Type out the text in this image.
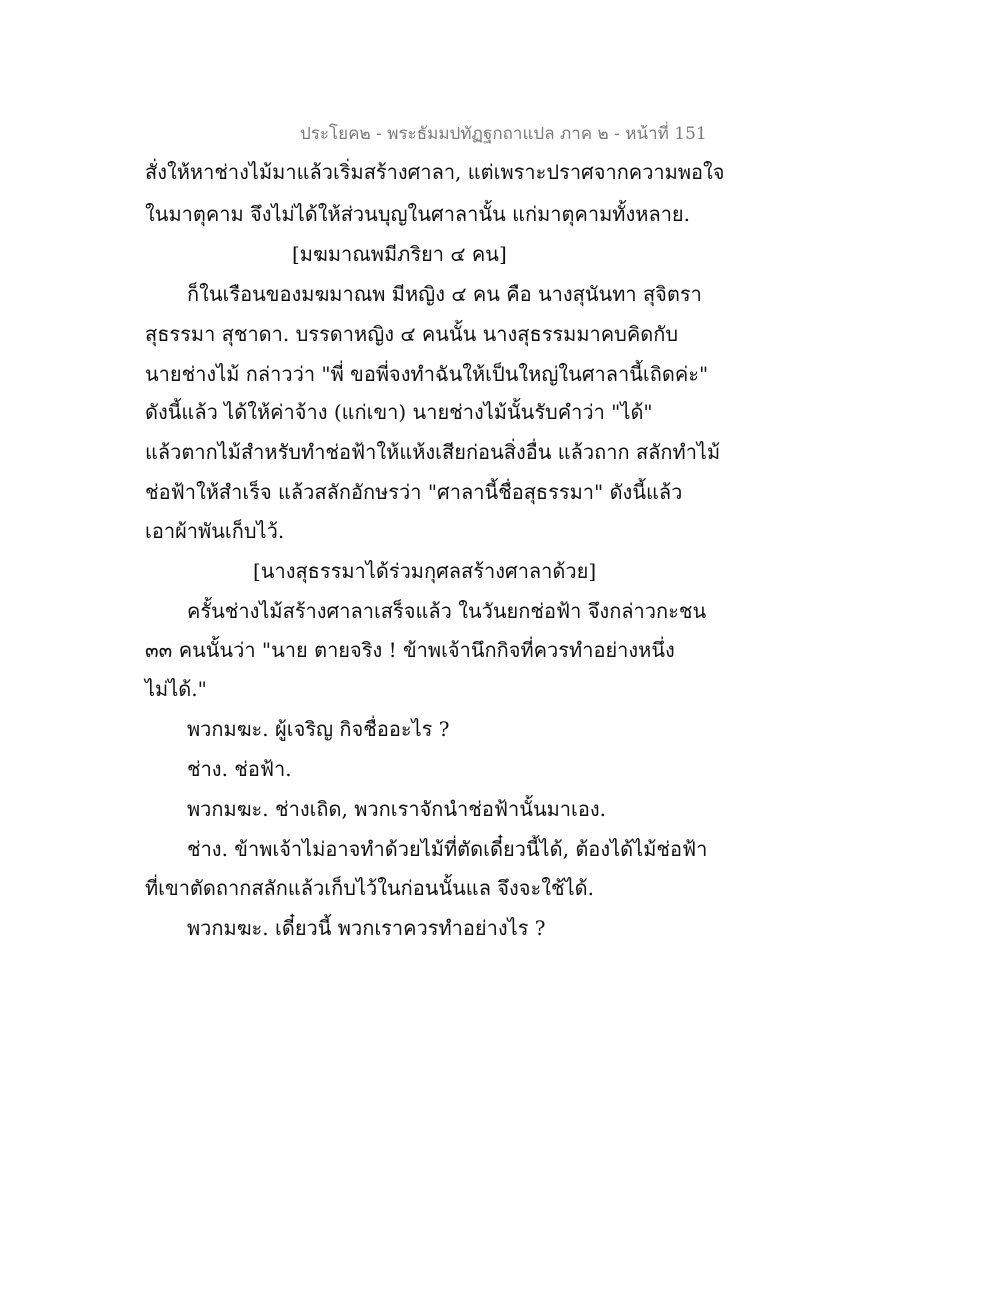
ประโยค๒ - พระธัมมปทัฏฐกถาแปล ภาค ๒ - หน้าที่ 151
สั่งให้หาช่างไม้มาแล้วเริ่มสร้างศาลา, แต่เพราะปราศจากความพอใจ
ในมาตุคาม จึงไม่ได้ให้ส่วนบุญในศาลานั้น แก่มาตุคามทั้งหลาย.
[มฆมาณพมีภริยา ๔ คน]
ก็ในเรือนของมฆมาณพ มีหญิง ๔ คน คือ นางสุนันทา สุจิตรา
สุธรรมา สุชาดา. บรรดาหญิง ๔ คนนั้น นางสุธรรมมาคบคิดกับ
นายช่างไม้ กล่าวว่า "พี่ ขอพี่จงทำฉันให้เป็นใหญ่ในศาลานี้เถิดค่ะ"
ดังนี้แล้ว ได้ให้ค่าจ้าง (แก่เขา) นายช่างไม้นั้นรับคำว่า "ได้"
แล้วตากไม้สำหรับทำช่อฟ้าให้แห้งเสียก่อนสิ่งอื่น แล้วถาก สลักทำไม้
ช่อฟ้าให้สำเร็จ แล้วสลักอักษรว่า "ศาลานี้ชื่อสุธรรมา" ดังนี้แล้ว
เอาผ้าพันเก็บไว้.
[นางสุธรรมาได้ร่วมกุศลสร้างศาลาด้วย]
ครั้นช่างไม้สร้างศาลาเสร็จแล้ว ในวันยกช่อฟ้า จึงกล่าวกะชน
๓๓ คนนั้นว่า "นาย ตายจริง ! ข้าพเจ้านึกกิจที่ควรทำอย่างหนึ่ง
ไม่ได้."
พวกมฆะ. ผู้เจริญ กิจชื่ออะไร ?
ช่าง. ช่อฟ้า.
พวกมฆะ. ช่างเถิด, พวกเราจักนำช่อฟ้านั้นมาเอง.
ช่าง. ข้าพเจ้าไม่อาจทำด้วยไม้ที่ตัดเดี๋ยวนี้ได้, ต้องได้ไม้ช่อฟ้า
ที่เขาตัดถากสลักแล้วเก็บไว้ในก่อนนั้นแล จึงจะใช้ได้.
พวกมฆะ. เดี๋ยวนี้ พวกเราควรทำอย่างไร ?
